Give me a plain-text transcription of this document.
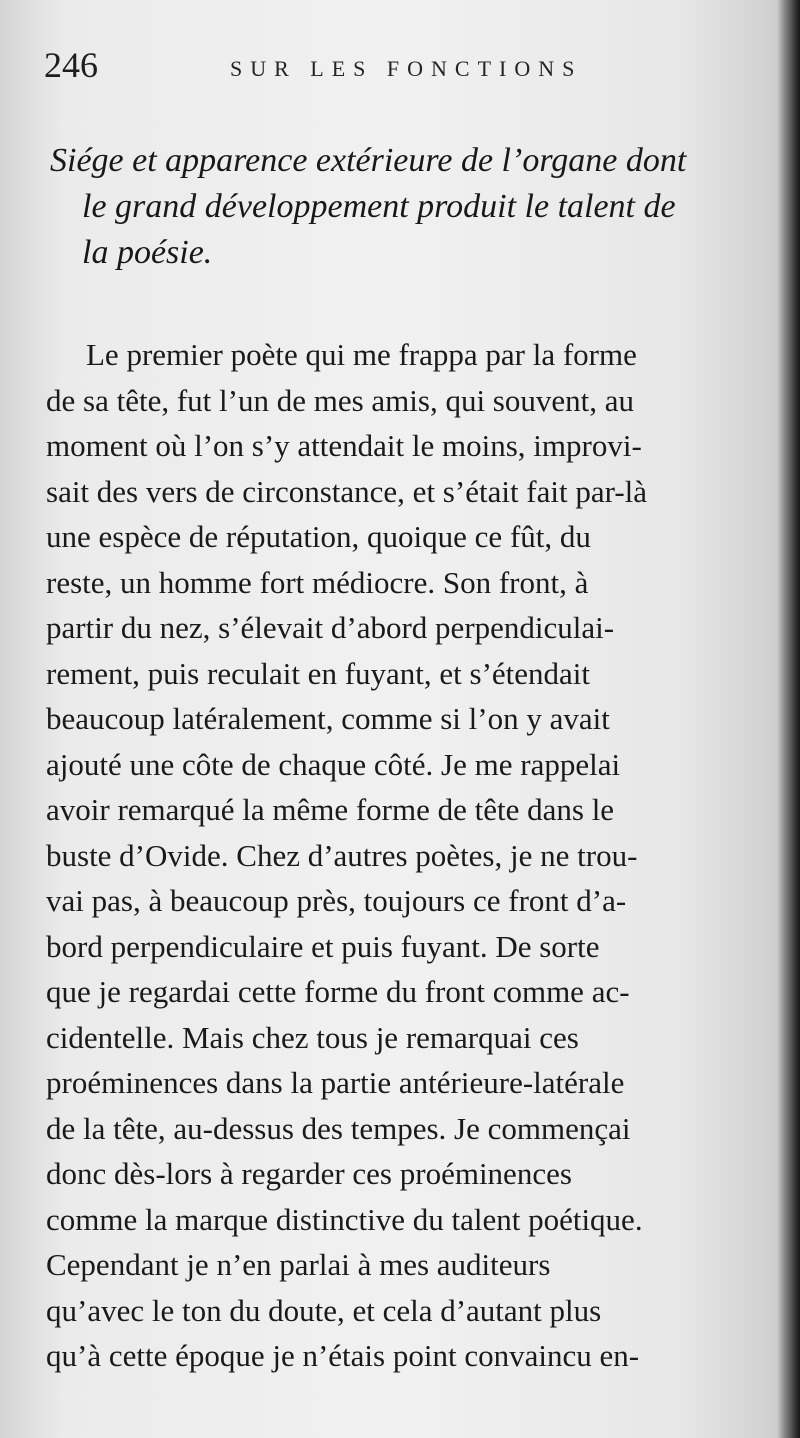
246	SUR LES FONCTIONS
Siége et apparence extérieure de l’organe dont
le grand développement produit le talent de
la poésie.
Le premier poète qui me frappa par la forme
de sa tête, fut l’un de mes amis, qui souvent, au
moment où l’on s’y attendait le moins, improvi-
sait des vers de circonstance, et s’était fait par-là
une espèce de réputation, quoique ce fût, du
reste, un homme fort médiocre. Son front, à
partir du nez, s’élevait d’abord perpendiculai-
rement, puis reculait en fuyant, et s’étendait
beaucoup latéralement, comme si l’on y avait
ajouté une côte de chaque côté. Je me rappelai
avoir remarqué la même forme de tête dans le
buste d’Ovide. Chez d’autres poètes, je ne trou-
vai pas, à beaucoup près, toujours ce front d’a-
bord perpendiculaire et puis fuyant. De sorte
que je regardai cette forme du front comme ac-
cidentelle. Mais chez tous je remarquai ces
proéminences dans la partie antérieure-latérale
de la tête, au-dessus des tempes. Je commençai
donc dès-lors à regarder ces proéminences
comme la marque distinctive du talent poétique.
Cependant je n’en parlai à mes auditeurs
qu’avec le ton du doute, et cela d’autant plus
qu’à cette époque je n’étais point convaincu en-
